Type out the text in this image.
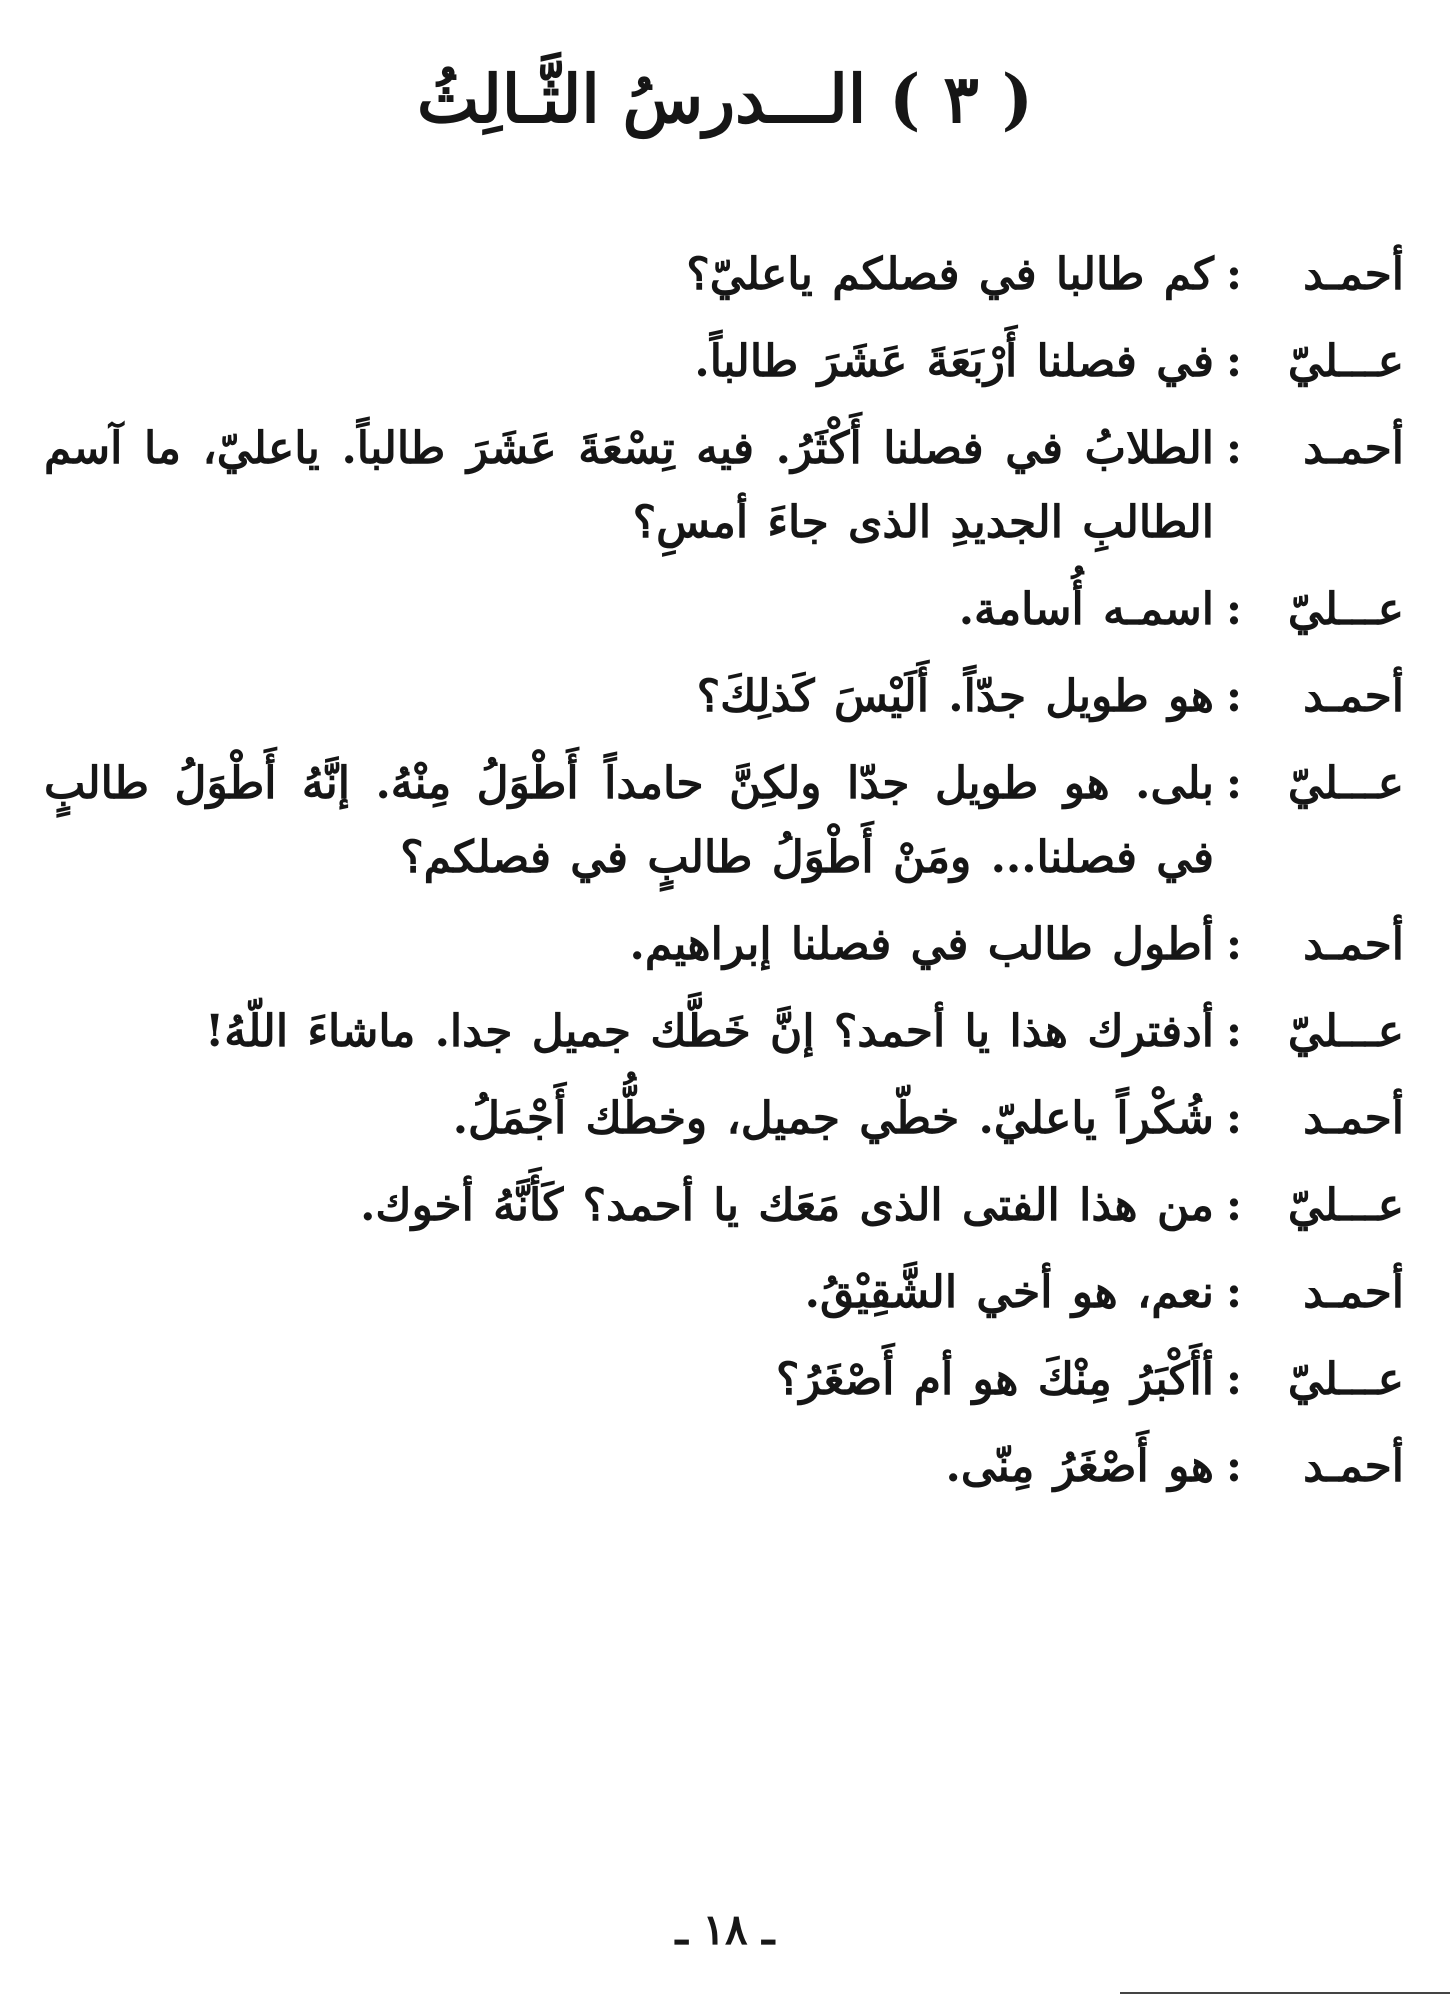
( ٣ ) الـــدرسُ الثَّـالِثُ
أحمـد
:
كم طالبا في فصلكم ياعليّ؟
عـــليّ
:
في فصلنا أَرْبَعَةَ عَشَرَ طالباً.
أحمـد
:
الطلابُ في فصلنا أَكْثَرُ. فيه تِسْعَةَ عَشَرَ طالباً. ياعليّ، ما آسم الطالبِ الجديدِ الذى جاءَ أمسِ؟
عـــليّ
:
اسمـه أُسامة.
أحمـد
:
هو طويل جدّاً. أَلَيْسَ كَذلِكَ؟
عـــليّ
:
بلى. هو طويل جدّا ولكِنَّ حامداً أَطْوَلُ مِنْهُ. إنَّهُ أَطْوَلُ طالبٍ في فصلنا... ومَنْ أَطْوَلُ طالبٍ في فصلكم؟
أحمـد
:
أطول طالب في فصلنا إبراهيم.
عـــليّ
:
أدفترك هذا يا أحمد؟ إنَّ خَطَّك جميل جدا. ماشاءَ اللّهُ!
أحمـد
:
شُكْراً ياعليّ. خطّي جميل، وخطُّك أَجْمَلُ.
عـــليّ
:
من هذا الفتى الذى مَعَك يا أحمد؟ كَأَنَّهُ أخوك.
أحمـد
:
نعم، هو أخي الشَّقِيْقُ.
عـــليّ
:
أأَكْبَرُ مِنْكَ هو أم أَصْغَرُ؟
أحمـد
:
هو أَصْغَرُ مِنّى.
ـ ١٨ ـ
